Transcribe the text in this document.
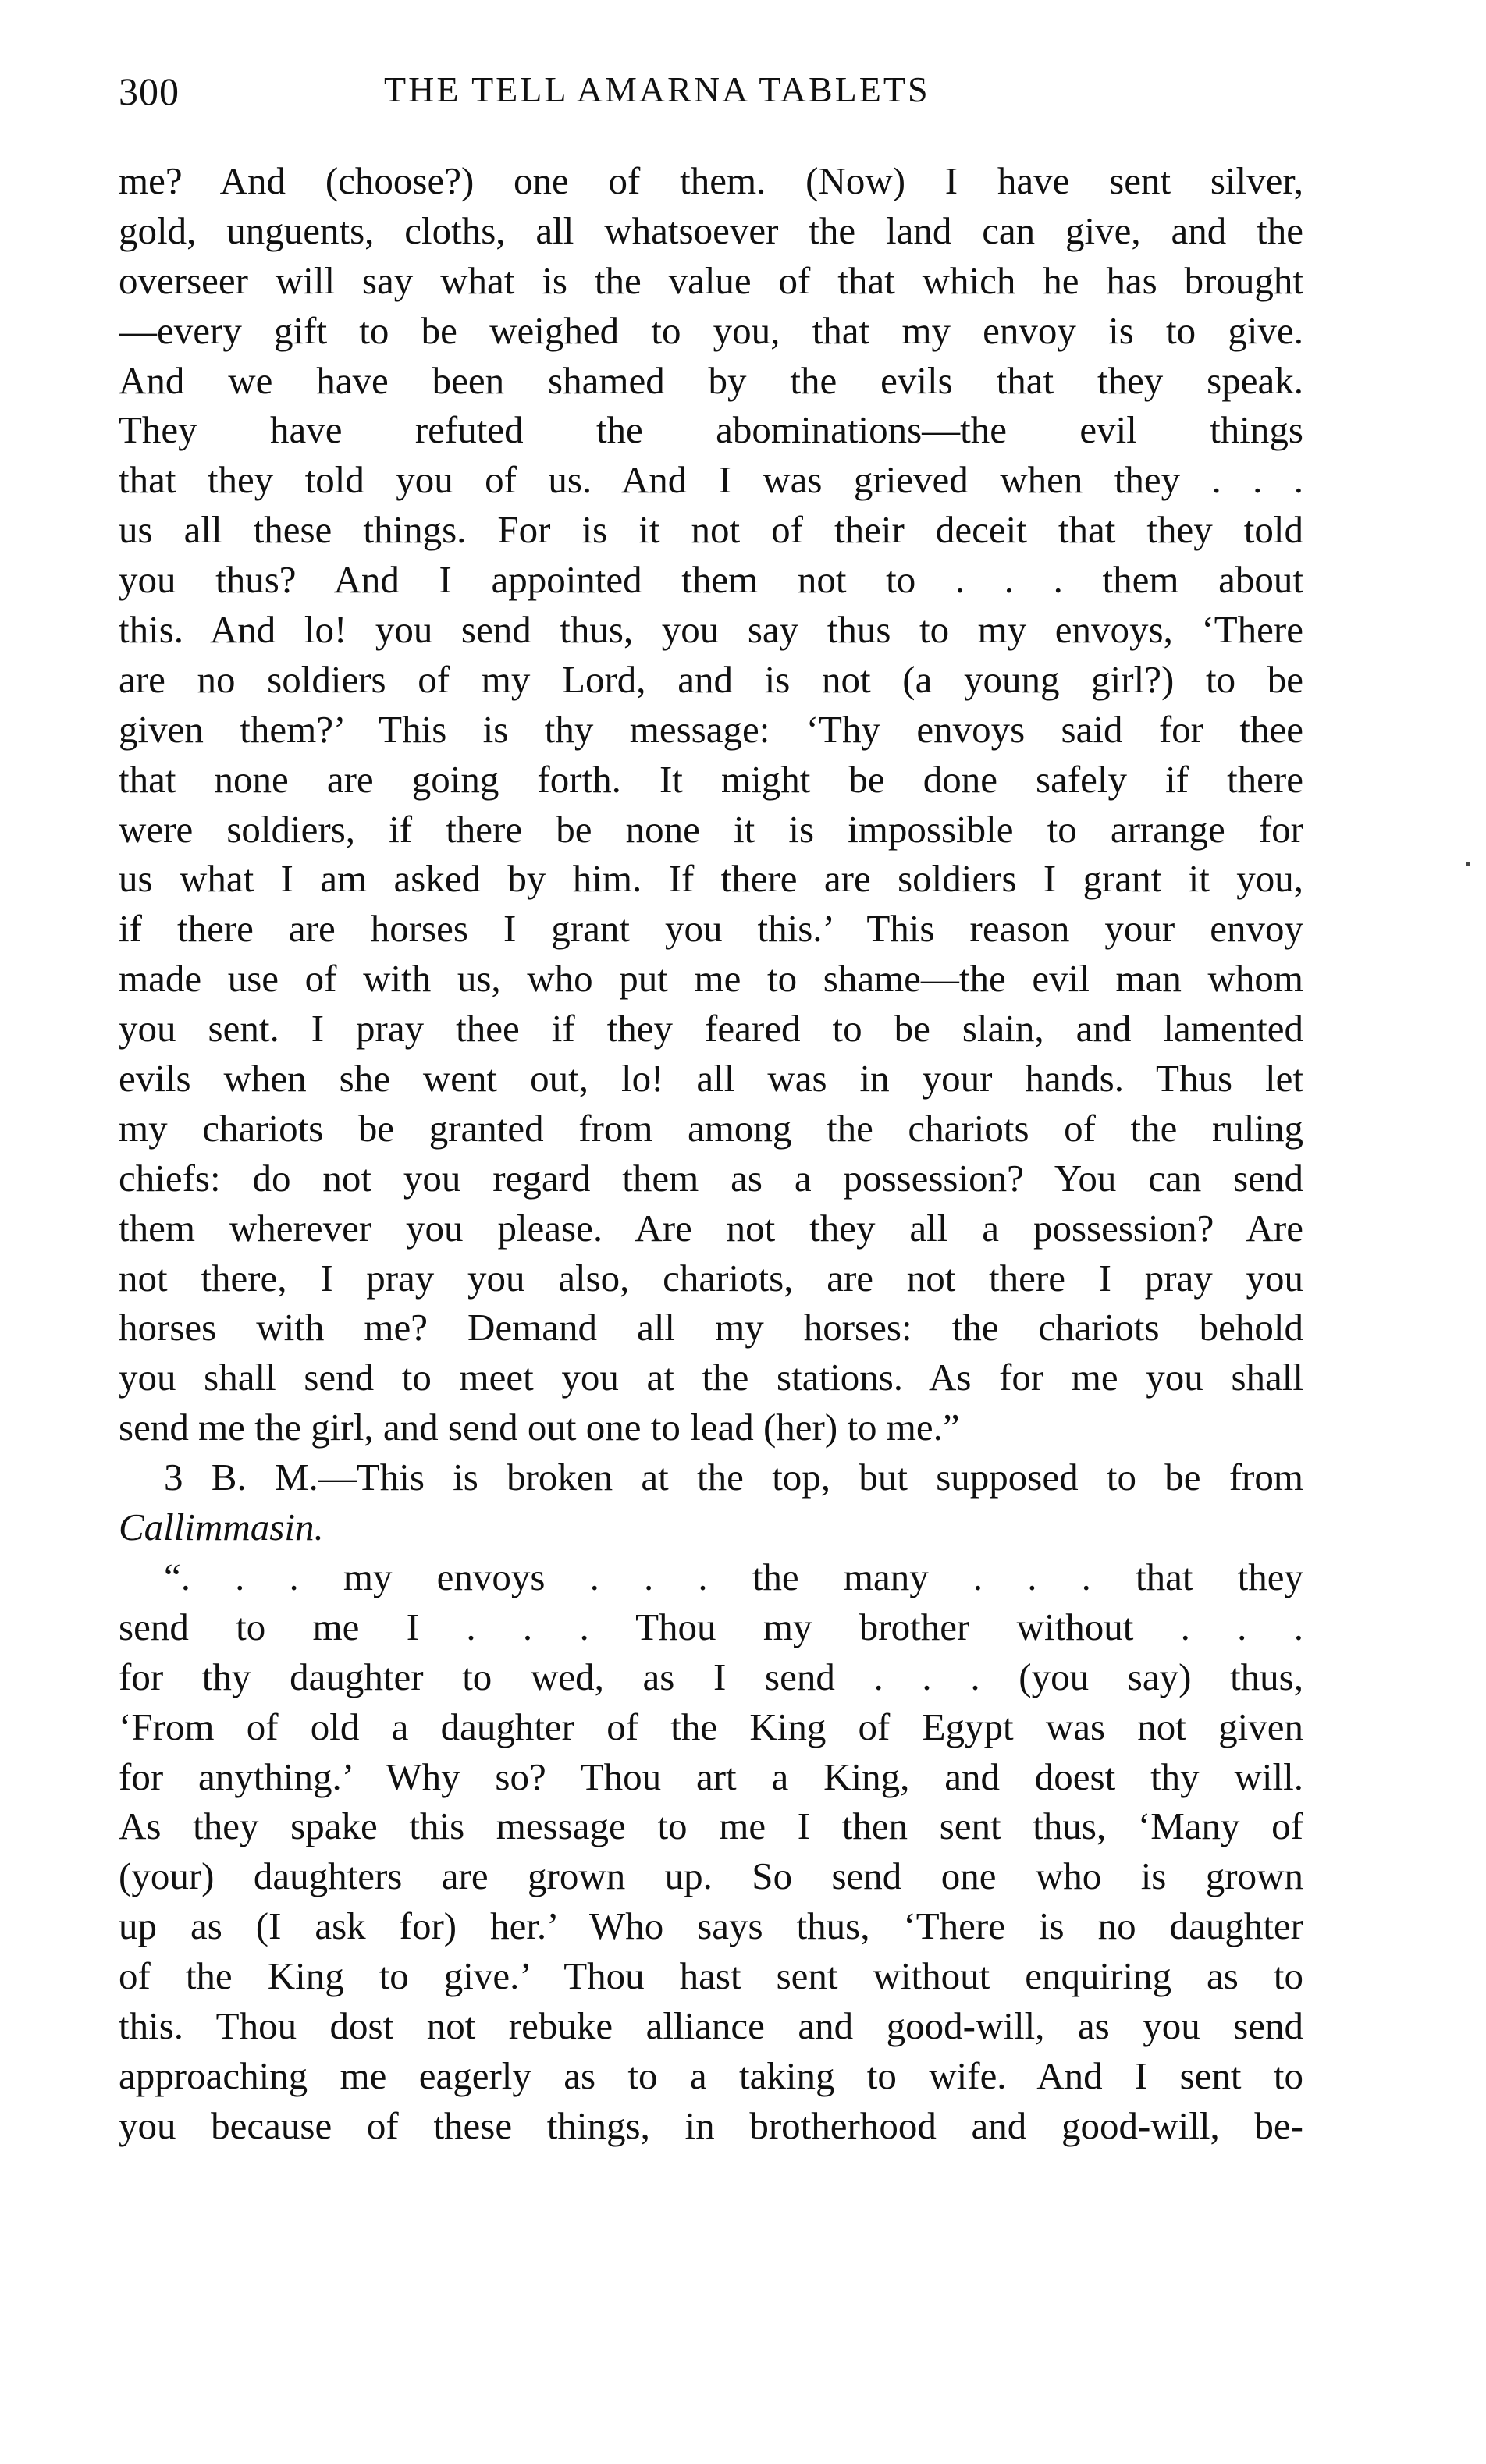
300	THE TELL AMARNA TABLETS
me? And (choose?) one of them. (Now) I have sent silver,
gold, unguents, cloths, all whatsoever the land can give, and the
overseer will say what is the value of that which he has brought
—every gift to be weighed to you, that my envoy is to give.
And we have been shamed by the evils that they speak.
They have refuted the abominations—the evil things
that they told you of us. And I was grieved when they . . .
us all these things. For is it not of their deceit that they told
you thus? And I appointed them not to . . . them about
this. And lo! you send thus, you say thus to my envoys, ‘There
are no soldiers of my Lord, and is not (a young girl?) to be
given them?’ This is thy message: ‘Thy envoys said for thee
that none are going forth. It might be done safely if there
were soldiers, if there be none it is impossible to arrange for
us what I am asked by him. If there are soldiers I grant it you,
if there are horses I grant you this.’ This reason your envoy
made use of with us, who put me to shame—the evil man whom
you sent. I pray thee if they feared to be slain, and lamented
evils when she went out, lo! all was in your hands. Thus let
my chariots be granted from among the chariots of the ruling
chiefs: do not you regard them as a possession? You can send
them wherever you please. Are not they all a possession? Are
not there, I pray you also, chariots, are not there I pray you
horses with me? Demand all my horses: the chariots behold
you shall send to meet you at the stations. As for me you shall
send me the girl, and send out one to lead (her) to me.”
3 B. M.—This is broken at the top, but supposed to be from
Callimmasin.
“. . . my envoys . . . the many . . . that they
send to me I . . . Thou my brother without . . .
for thy daughter to wed, as I send . . . (you say) thus,
‘From of old a daughter of the King of Egypt was not given
for anything.’ Why so? Thou art a King, and doest thy will.
As they spake this message to me I then sent thus, ‘Many of
(your) daughters are grown up. So send one who is grown
up as (I ask for) her.’ Who says thus, ‘There is no daughter
of the King to give.’ Thou hast sent without enquiring as to
this. Thou dost not rebuke alliance and good-will, as you send
approaching me eagerly as to a taking to wife. And I sent to
you because of these things, in brotherhood and good-will, be-
